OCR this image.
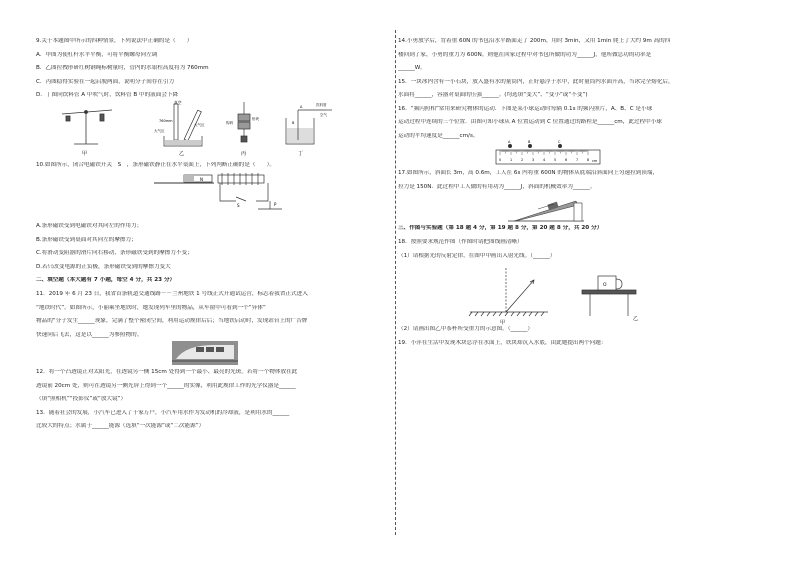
9.关于本题图中所示的四种情景，下列说法中正确的是（　　）

A．甲图为使杠杆水平平衡，可将平衡螺母向左调

B．乙图拉拽形研红树钢绳标树量时，管内的水银柱高度将为 760mm

C．丙图稳得实验在一起启脱两面，说明分子间存在引力

D．丁图向饮料管 A 中吹气时，饮料管 B 中的液面会下降

甲
真空
760mm
大气压
大气压
乙
钩码
铅块
丙
饮料管
空气
A
B
丁

10.如图所示，闭合电磁铁开关　S　，条形磁铁静止在水平桌面上，下列判断正确的是（　　）。

N
S	P

A.条形磁铁受到电磁铁对其向左的作用力；

B.条形磁铁受到桌面对其向左的摩擦力；

C.将滑动变阻器的滑片向右移动，条形磁铁受到的摩擦力不变；

D.若只改变电源的正负极，条形磁铁受到的摩擦力变大

二、填空题（本大题有 7 小题，每空 4 分，共 23 分）

11．2019 年 6 月 23 日，我省首条轨道交通线路－－兰州地铁 1 号线正式开通试运营，标志着我省正式进入

“地铁时代”。如图所示，小丽乘坐地铁时，她发现列车里的物品，从车窗中可看到一个“异体”

物品的“分子发生______现象，完满了整个密闭空间，利用运动规律后后；当地铁启动时，发现站台上的广告牌

快速向后飞去，这是以______为参照物的。

12．将一个凸透镜正对太阳光，在透镜另一侧 15cm 处得到一个最小、最亮的光斑。若将一个物体放在此

透镜前 20cm 处，则可在透镜另一侧光屏上得到一个______的实像，利用此规律工作的光学仪器是______

（填“照相机”“投影仪”或“放大镜”）

13．随着社会的发展，小汽车已进入了千家万户，小汽车用水作为发动机的冷却液，是利用水的______

比较大的特点；水属于______能源（选填“一次能源”或“二次能源”）

14.小勇放学后，背着重 60N 的书包沿水平路面走了 200m，用时 3min，又用 1min 爬上了大约 9m 高的四

楼回到了家，小勇的重力为 600N。则他在回家过程中对书包所做的功为______J，他所做总功的功率是

______W。

15．一块冰内含有一小石块，放入盛有水的量筒内，正好悬浮于水中，此时量筒内水面升高，当冰完全熔化后，

水面将______，容器对桌面的压强______。(均选填“变大”、“变小”或“不变”)

16．“频闪照相”常用来研究物体的运动．下图是某小球运动时每隔 0.1s 的频闪照片，A、B、C 是小球

运动过程中连续的三个位置．由图可知小球从 A 位置运动到 C 位置通过的路程是______cm，此过程中小球

运动的平均速度是______cm/s。

0	1	2	3	4	5	6	7	8
A	B	C
cm

17.如图所示，斜面长 3m，高 0.6m，工人在 6s 内将重 600N 的物体从底端沿斜面向上匀速拉到顶端，

拉力是 150N．此过程中工人做的有用功为______J，斜面的机械效率为______。

三、作图与实验题（第 18 题 4 分，第 19 题 8 分，第 20 题 8 分，共 20 分）

18．按照要求规范作图（作图时请把图线画清晰）

（1）请根据光的反射定律，在图甲中画出入射光线。（______）

甲
O
乙

（2）请画出图乙中茶杯所受重力的示意图。（______）

19．小萍在生活中发现木块总浮在水面上，铁块却沉入水底，由此她提出两个问题：
